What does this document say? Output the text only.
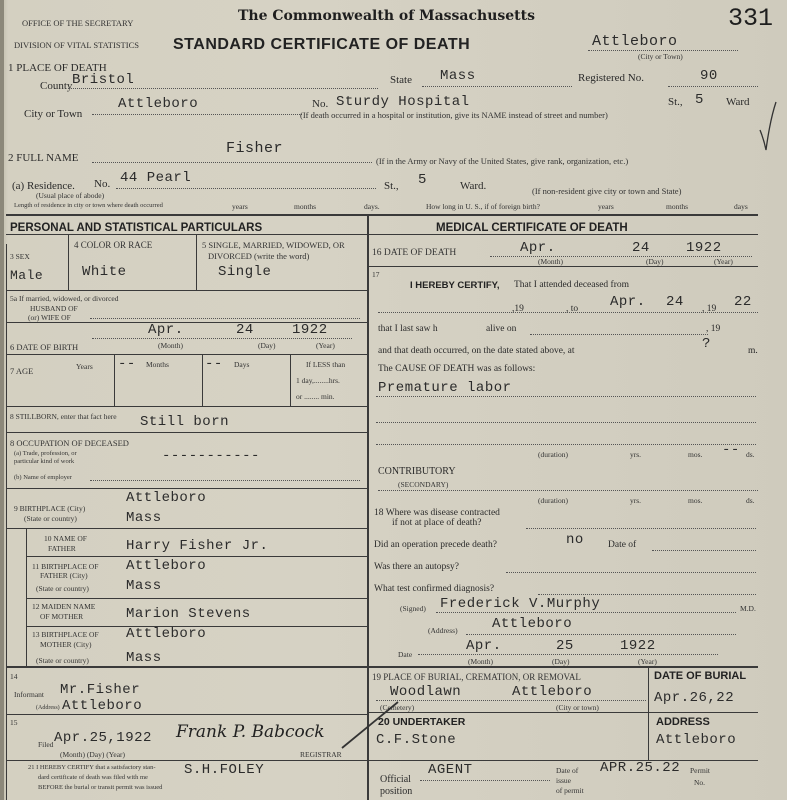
OFFICE OF THE SECRETARY
DIVISION OF VITAL STATISTICS
The Commonwealth of Massachusetts
STANDARD CERTIFICATE OF DEATH
331
Attleboro
(City or Town)
1 PLACE OF DEATH
County Bristol	State Mass	Registered No.	90
City or Town
Attleboro	No. Sturdy Hospital
(If death occurred in a hospital or institution, give its NAME instead of street and number)
St., 5 Ward
2 FULL NAME
Fisher
(If in the Army or Navy of the United States, give rank, organization, etc.)
(a) Residence. No. 44 Pearl
(Usual place of abode)
St., 5	Ward.	(If non-resident give city or town and State)
Length of residence in city or town where death occurred	years	months	days.	How long in U. S., if of foreign birth?	years	months	days
PERSONAL AND STATISTICAL PARTICULARS
3 SEX
Male
4 COLOR OR RACE
White
5 SINGLE, MARRIED, WIDOWED, OR
DIVORCED (write the word)
Single
5a If married, widowed, or divorced
HUSBAND OF
(or) WIFE OF
6 DATE OF BIRTH
Apr.	24	1922
(Month)	(Day)	(Year)
7 AGE	Years -- Months	-- Days	If LESS than
1 day,........hrs.
or ........ min.
8 STILLBORN, enter that fact here Still born
8 OCCUPATION OF DECEASED
(a) Trade, profession, or
particular kind of work	-----------
(b) Name of employer
9 BIRTHPLACE (City)
Attleboro
(State or country)	Mass
10 NAME OF
FATHER	Harry Fisher Jr.
11 BIRTHPLACE OF
FATHER (City)
Attleboro
(State or country)	Mass
12 MAIDEN NAME
OF MOTHER	Marion Stevens
13 BIRTHPLACE OF
MOTHER (City)
Attleboro
(State or country)	Mass
14
Informant
(Address)
Mr.Fisher
Attleboro
15
Filed Apr.25,1922
(Month) (Day) (Year)
Frank P. Babcock
REGISTRAR
MEDICAL CERTIFICATE OF DEATH
16 DATE OF DEATH	Apr.	24	1922
(Month)	(Day)	(Year)
17
I HEREBY CERTIFY, That I attended deceased from
,19	, to Apr. 24 , 19 22
that I last saw h	alive on	, 19
and that death occurred, on the date stated above, at	?	m.
The CAUSE OF DEATH was as follows:
Premature labor
(duration)	yrs.	mos. -- ds.
CONTRIBUTORY
(SECONDARY)
(duration)	yrs.	mos.	ds.
18 Where was disease contracted
if not at place of death?
Did an operation precede death?	no	Date of
Was there an autopsy?
What test confirmed diagnosis?
(Signed) Frederick V.Murphy	M.D.
(Address) Attleboro
Date
Apr.	25	1922
(Month)	(Day)	(Year)
19 PLACE OF BURIAL, CREMATION, OR REMOVAL
Woodlawn	Attleboro
(Cemetery)	(City or town)
DATE OF BURIAL
Apr.26,22
20 UNDERTAKER
C.F.Stone
ADDRESS
Attleboro
21 I HEREBY CERTIFY that a satisfactory stan-
dard certificate of death was filed with me
BEFORE the burial or transit permit was issued
S.H.FOLEY
Official
position
AGENT	Date of
issue
of permit
APR.25.22 Permit
No.
